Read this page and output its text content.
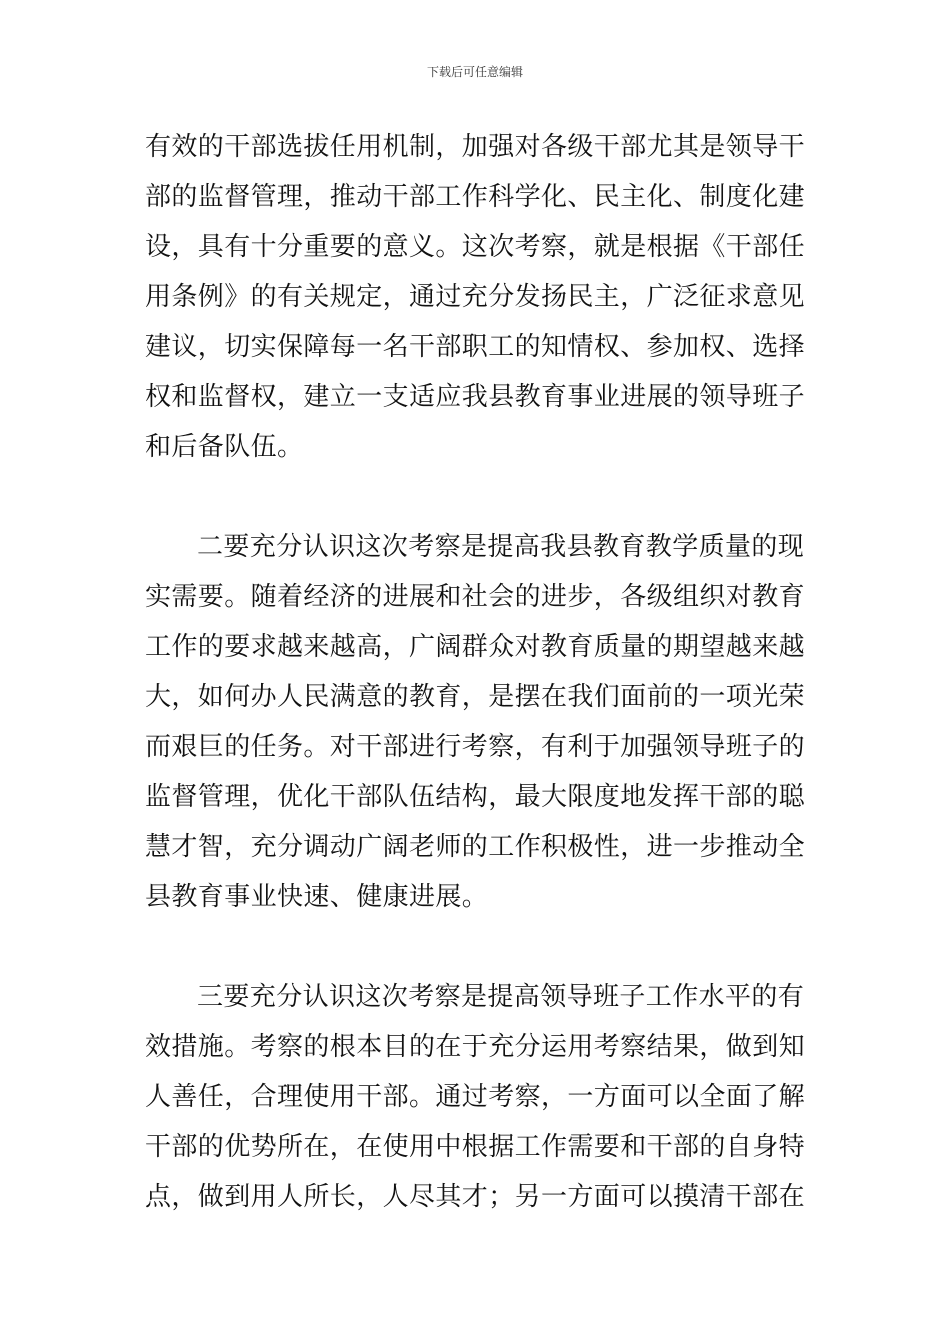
下载后可任意编辑
有效的干部选拔任用机制，加强对各级干部尤其是领导干
部的监督管理，推动干部工作科学化、民主化、制度化建
设，具有十分重要的意义。这次考察，就是根据《干部任
用条例》的有关规定，通过充分发扬民主，广泛征求意见
建议，切实保障每一名干部职工的知情权、参加权、选择
权和监督权，建立一支适应我县教育事业进展的领导班子
和后备队伍。
二要充分认识这次考察是提高我县教育教学质量的现
实需要。随着经济的进展和社会的进步，各级组织对教育
工作的要求越来越高，广阔群众对教育质量的期望越来越
大，如何办人民满意的教育，是摆在我们面前的一项光荣
而艰巨的任务。对干部进行考察，有利于加强领导班子的
监督管理，优化干部队伍结构，最大限度地发挥干部的聪
慧才智，充分调动广阔老师的工作积极性，进一步推动全
县教育事业快速、健康进展。
三要充分认识这次考察是提高领导班子工作水平的有
效措施。考察的根本目的在于充分运用考察结果，做到知
人善任，合理使用干部。通过考察，一方面可以全面了解
干部的优势所在，在使用中根据工作需要和干部的自身特
点，做到用人所长，人尽其才；另一方面可以摸清干部在
